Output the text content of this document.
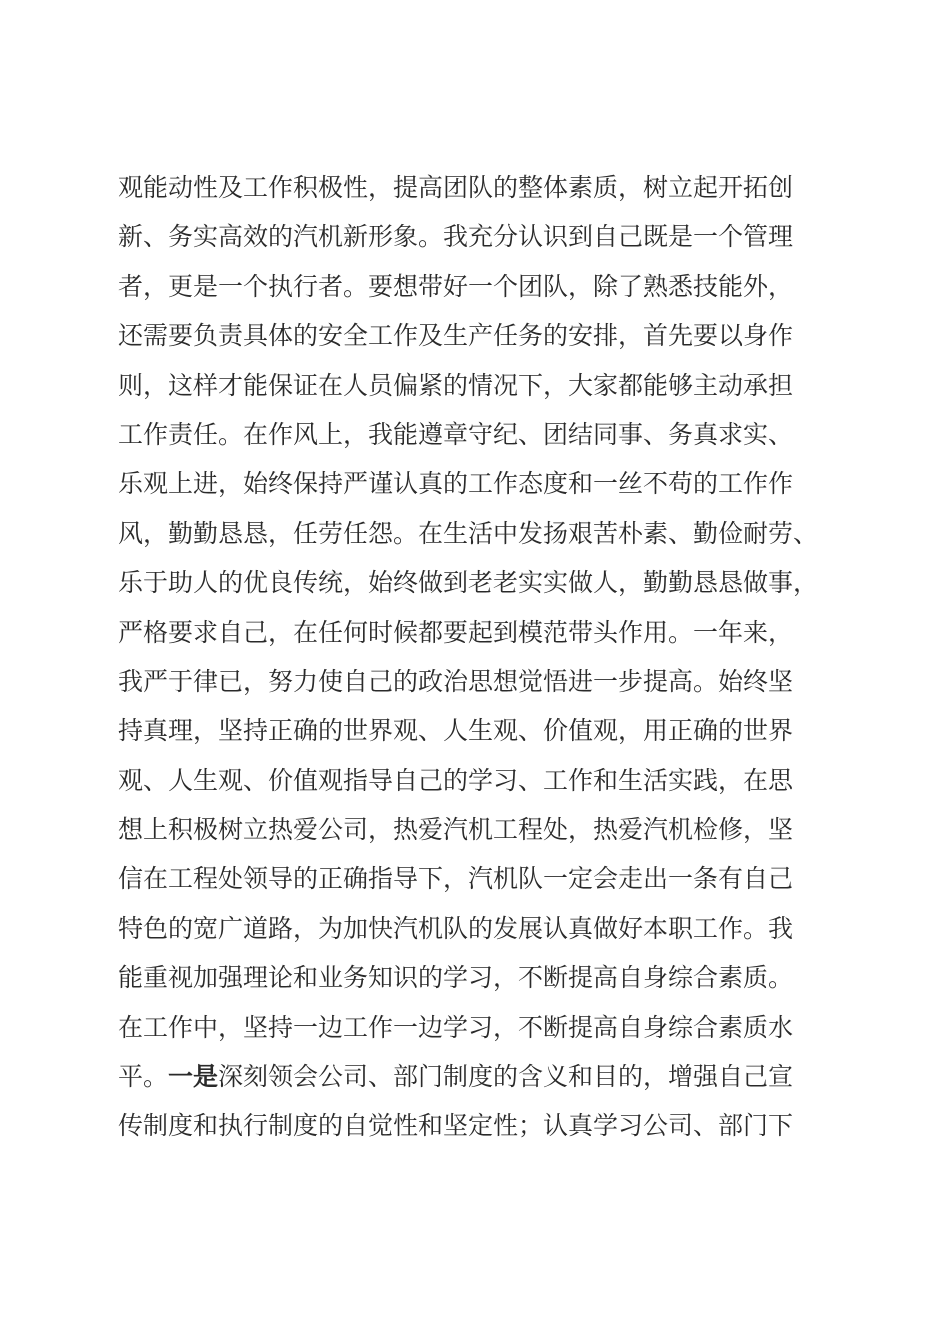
观能动性及工作积极性，提高团队的整体素质，树立起开拓创
新、务实高效的汽机新形象。我充分认识到自己既是一个管理
者，更是一个执行者。要想带好一个团队，除了熟悉技能外，
还需要负责具体的安全工作及生产任务的安排，首先要以身作
则，这样才能保证在人员偏紧的情况下，大家都能够主动承担
工作责任。在作风上，我能遵章守纪、团结同事、务真求实、
乐观上进，始终保持严谨认真的工作态度和一丝不苟的工作作
风，勤勤恳恳，任劳任怨。在生活中发扬艰苦朴素、勤俭耐劳、
乐于助人的优良传统，始终做到老老实实做人，勤勤恳恳做事，
严格要求自己，在任何时候都要起到模范带头作用。一年来，
我严于律已，努力使自己的政治思想觉悟进一步提高。始终坚
持真理，坚持正确的世界观、人生观、价值观，用正确的世界
观、人生观、价值观指导自己的学习、工作和生活实践，在思
想上积极树立热爱公司，热爱汽机工程处，热爱汽机检修，坚
信在工程处领导的正确指导下，汽机队一定会走出一条有自己
特色的宽广道路，为加快汽机队的发展认真做好本职工作。我
能重视加强理论和业务知识的学习，不断提高自身综合素质。
在工作中，坚持一边工作一边学习，不断提高自身综合素质水
平。一是深刻领会公司、部门制度的含义和目的，增强自己宣
传制度和执行制度的自觉性和坚定性；认真学习公司、部门下
